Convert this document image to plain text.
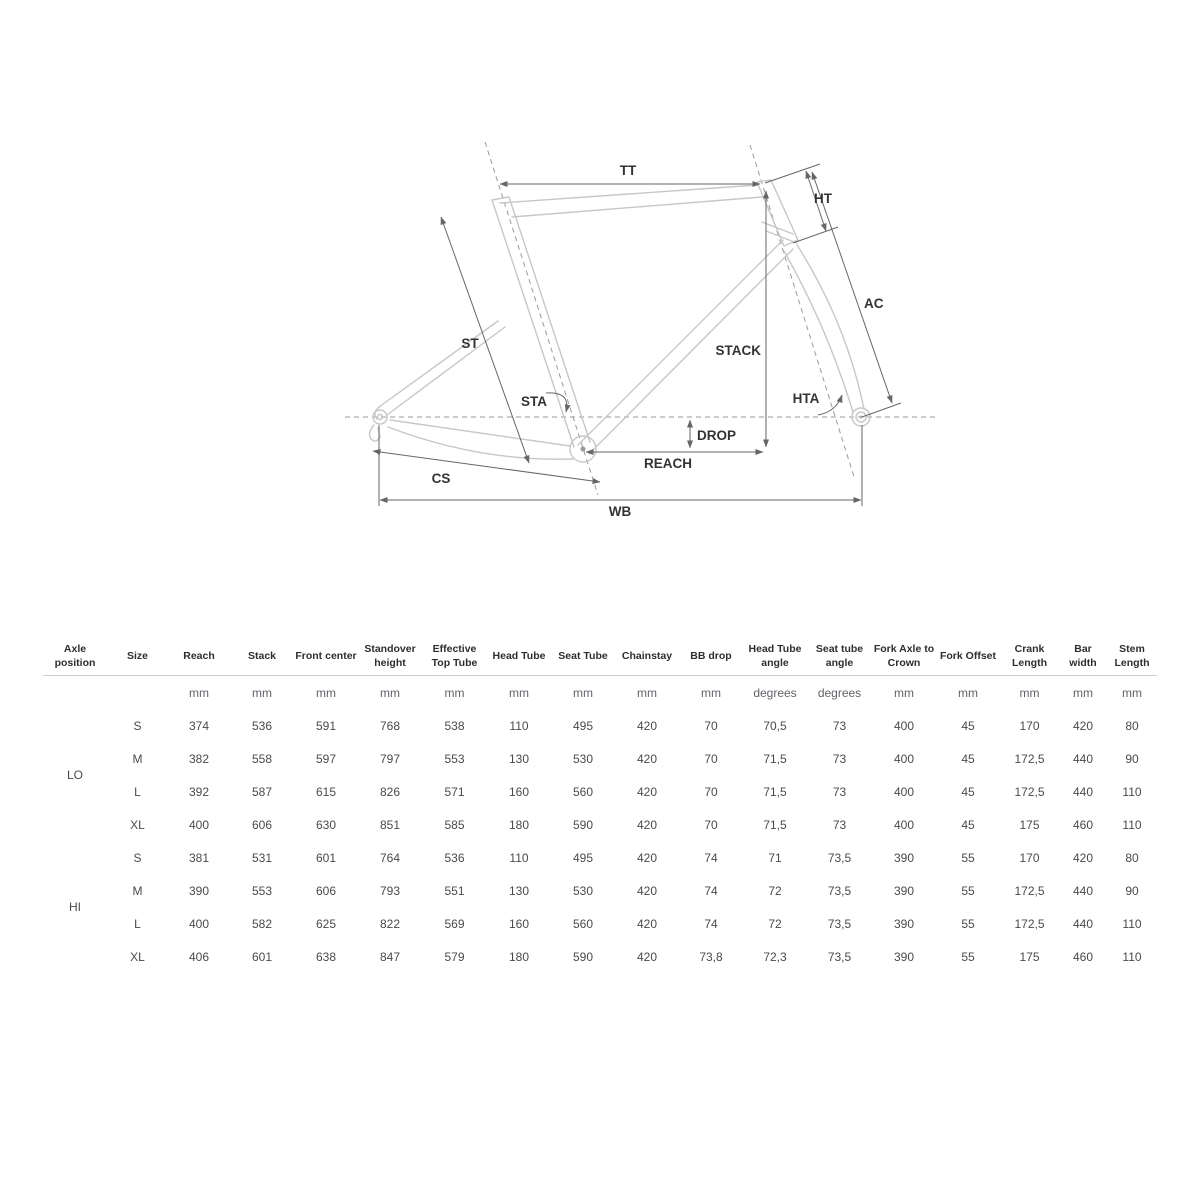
TT
HT
AC
ST	STACK
STA	HTA
DROP
REACH
CS
WB
Axle position	Size	Reach	Stack	Front center	Standover height	Effective Top Tube	Head Tube	Seat Tube	Chainstay	BB drop	Head Tube angle	Seat tube angle	Fork Axle to Crown	Fork Offset	Crank Length	Bar width	Stem Length
		mm	mm	mm	mm	mm	mm	mm	mm	mm	degrees	degrees	mm	mm	mm	mm	mm
LO	S	374	536	591	768	538	110	495	420	70	70,5	73	400	45	170	420	80
	M	382	558	597	797	553	130	530	420	70	71,5	73	400	45	172,5	440	90
	L	392	587	615	826	571	160	560	420	70	71,5	73	400	45	172,5	440	110
	XL	400	606	630	851	585	180	590	420	70	71,5	73	400	45	175	460	110
HI	S	381	531	601	764	536	110	495	420	74	71	73,5	390	55	170	420	80
	M	390	553	606	793	551	130	530	420	74	72	73,5	390	55	172,5	440	90
	L	400	582	625	822	569	160	560	420	74	72	73,5	390	55	172,5	440	110
	XL	406	601	638	847	579	180	590	420	73,8	72,3	73,5	390	55	175	460	110
